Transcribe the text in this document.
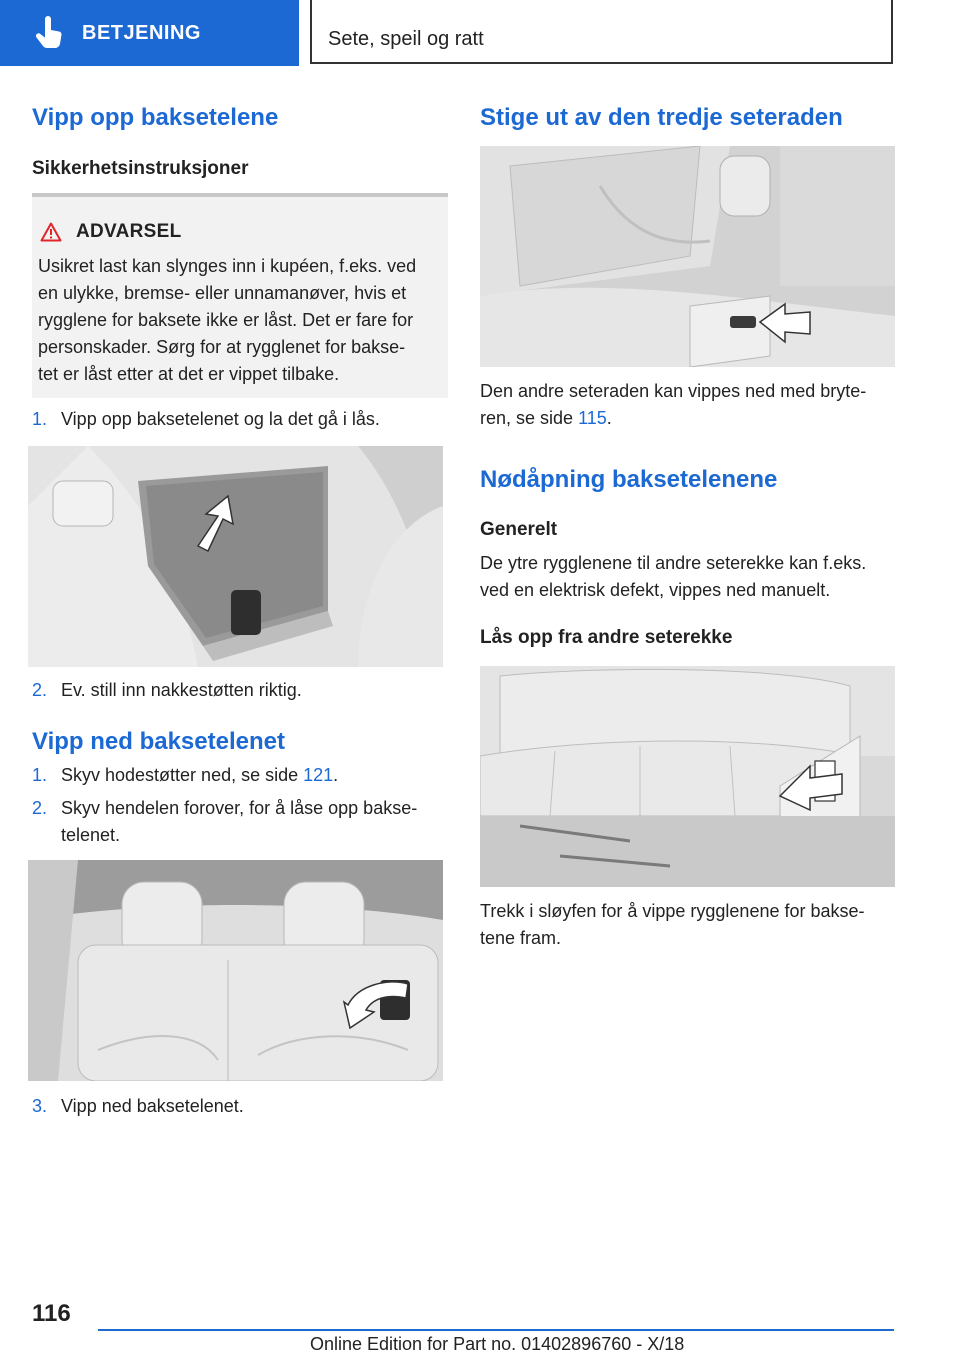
BETJENING	Sete, speil og ratt
Vipp opp baksetelene
Sikkerhetsinstruksjoner
ADVARSEL
Usikret last kan slynges inn i kupéen, f.eks. ved
en ulykke, bremse- eller unnamanøver, hvis et
rygglene for baksete ikke er låst. Det er fare for
personskader. Sørg for at rygglenet for bakse-
tet er låst etter at det er vippet tilbake.
1. Vipp opp baksetelenet og la det gå i lås.
2. Ev. still inn nakkestøtten riktig.
Vipp ned baksetelenet
1. Skyv hodestøtter ned, se side 121.
2. Skyv hendelen forover, for å låse opp bakse-
telenet.
3. Vipp ned baksetelenet.
Stige ut av den tredje seteraden
Den andre seteraden kan vippes ned med bryte-
ren, se side 115.
Nødåpning baksetelenene
Generelt
De ytre rygglenene til andre seterekke kan f.eks.
ved en elektrisk defekt, vippes ned manuelt.
Lås opp fra andre seterekke
Trekk i sløyfen for å vippe rygglenene for bakse-
tene fram.
116
Online Edition for Part no. 01402896760 - X/18
